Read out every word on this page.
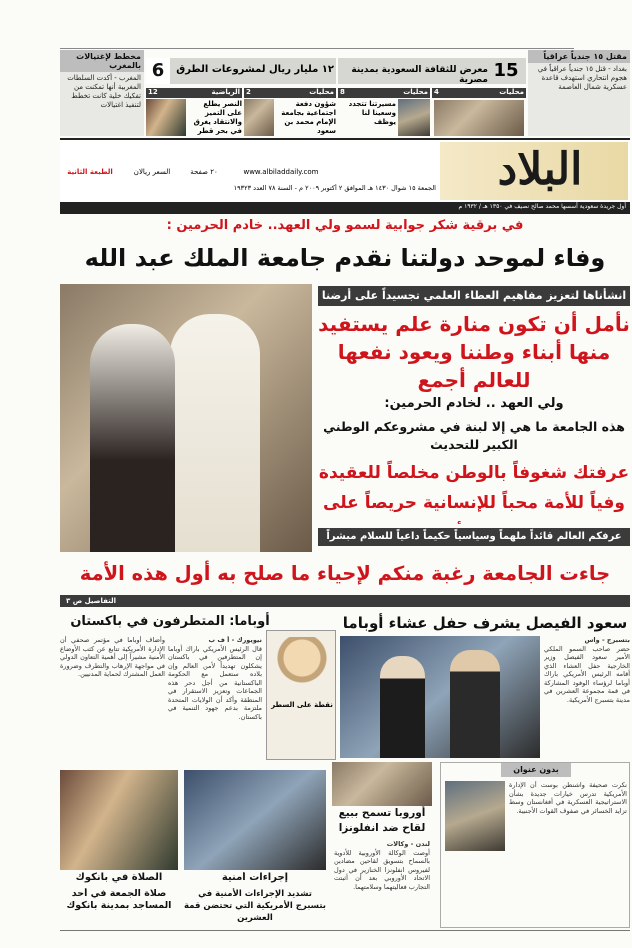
مقتل ١٥ جندياً عراقياً
بغداد - قتل ١٥ جندياً عراقياً في هجوم انتحاري استهدف قاعدة عسكرية شمال العاصمة
مخطط لإغتيالات بالمغرب
المغرب - أكدت السلطات المغربية أنها تمكنت من تفكيك خلية كانت تخطط لتنفيذ اغتيالات
6	١٢ مليار ريال لمشروعات الطرق	15
معرض للثقافة السعودية بمدينة مصرية
الرياضية
12
النصر يطلع على التميز والانتقاد يغرق في بحر قطر
محليات
2
شؤون دفعة اجتماعية بجامعة الإمام محمد بن سعود
محليات
8
مسيرتنا تتجدد وسعينا لنا يوظف
محليات
4
البلاد
الطبعة الثانية	السعر ريالان	٢٠ صفحة	www.albiladdaily.com
الجمعة ١٥ شوال ١٤٣٠ هـ الموافق ٢ أكتوبر ٢٠٠٩ م - السنة ٧٨ العدد ١٩٣٢٣
أول جريدة سعودية أسسها محمد صالح نصيف في ١٣٥٠ هـ / ١٩٣٢ م
في برقية شكر جوابية لسمو ولي العهد.. خادم الحرمين :
وفاء لموحد دولتنا نقدم جامعة الملك عبد الله
انشأناها لتعزيز مفاهيم العطاء العلمي تجسيداً على أرضنا
نأمل أن تكون منارة علم يستفيد منها أبناء وطننا ويعود نفعها للعالم أجمع
ولي العهد .. لخادم الحرمين:
هذه الجامعة ما هي إلا لبنة في مشروعكم الوطني الكبير للتحديث
عرفتك شغوفاً بالوطن مخلصاً للعقيدة وفياً للأمة محباً للإنسانية حريصاً على
عرفكم العالم قائداً ملهماً وسياسياً حكيماً داعياً للسلام مبشراً
جاءت الجامعة رغبة منكم لإحياء ما صلح به أول هذه الأمة
التفاصيل ص ٣
أوباما: المتطرفون في باكستان	سعود الفيصل يشرف حفل عشاء أوباما
وأضاف أوباما في مؤتمر صحفي أن الإدارة الأمريكية تتابع عن كثب الأوضاع الأمنية مشيراً إلى أهمية التعاون الدولي في مواجهة الإرهاب والتطرف وضرورة العمل المشترك لحماية المدنيين.
نيويورك - أ ف ب
قال الرئيس الأمريكي باراك أوباما إن المتطرفين في باكستان يشكلون تهديداً لأمن العالم وإن بلاده ستعمل مع الحكومة الباكستانية من أجل دحر هذه الجماعات وتعزيز الاستقرار في المنطقة وأكد أن الولايات المتحدة ملتزمة بدعم جهود التنمية في باكستان.
نقطة على السطر
بتسبرج - واس
حضر صاحب السمو الملكي الأمير سعود الفيصل وزير الخارجية حفل العشاء الذي أقامه الرئيس الأمريكي باراك أوباما لرؤساء الوفود المشاركة في قمة مجموعة العشرين في مدينة بتسبرج الأمريكية.
الصلاة في بانكوك
صلاة الجمعة في أحد المساجد بمدينة بانكوك
إجراءات أمنية
تشديد الإجراءات الأمنية في بتسبرج الأمريكية التي تحتضن قمة العشرين
أوروبا تسمح ببيع لقاح ضد انفلونزا
لندن - وكالات
أوصت الوكالة الأوروبية للأدوية بالسماح بتسويق لقاحين مضادين لفيروس انفلونزا الخنازير في دول الاتحاد الأوروبي بعد أن أثبتت التجارب فعاليتهما وسلامتهما.
بدون عنوان
نكرت صحيفة واشنطن بوست أن الإدارة الأمريكية تدرس خيارات جديدة بشأن الاستراتيجية العسكرية في أفغانستان وسط تزايد الخسائر في صفوف القوات الأجنبية.
